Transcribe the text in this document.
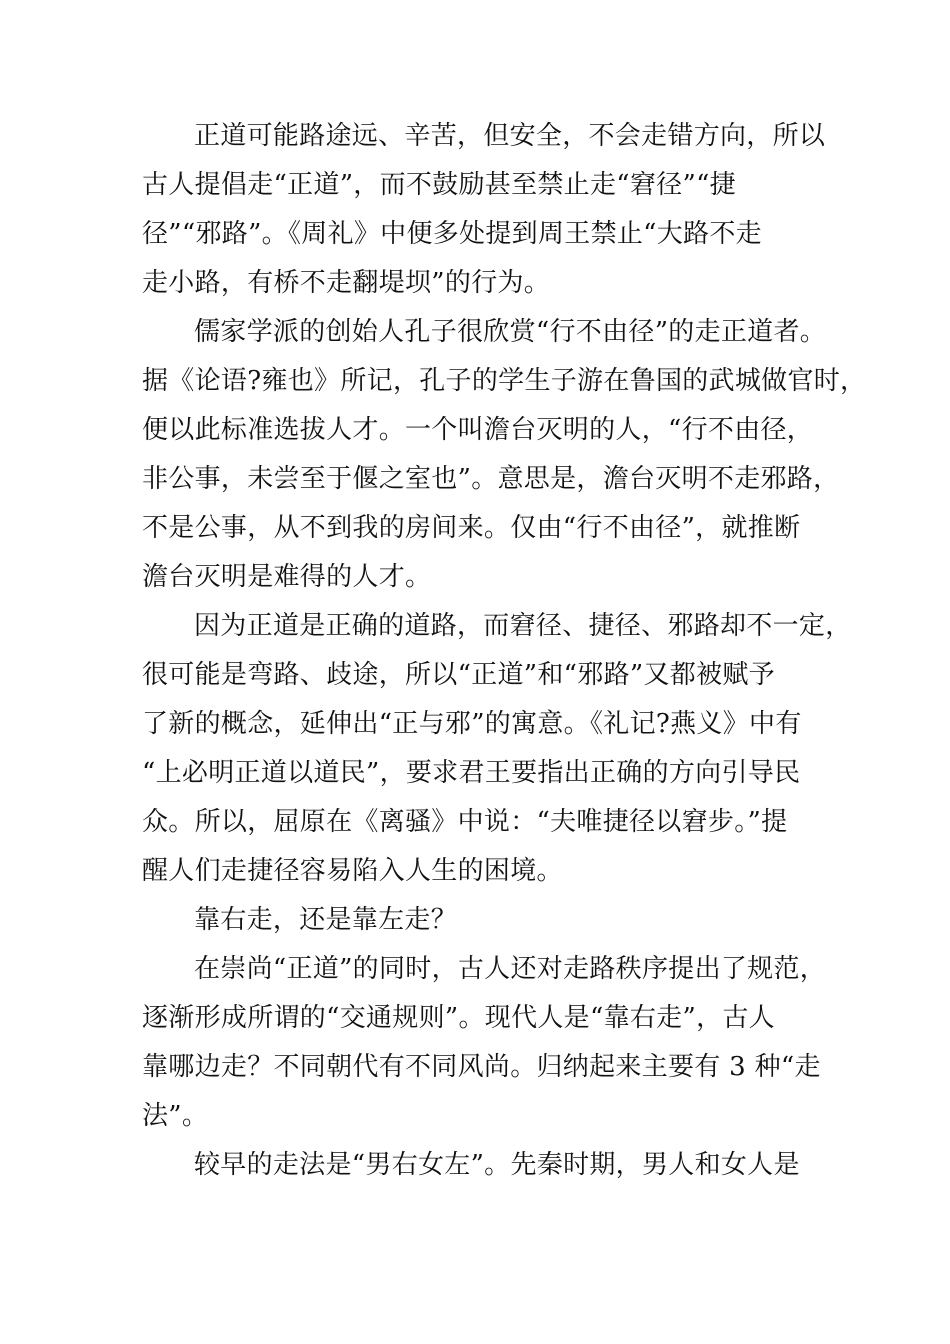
正道可能路途远、辛苦，但安全，不会走错方向，所以
古人提倡走“正道”，而不鼓励甚至禁止走“窘径”“捷
径”“邪路”。《周礼》中便多处提到周王禁止“大路不走
走小路，有桥不走翻堤坝”的行为。
儒家学派的创始人孔子很欣赏“行不由径”的走正道者。
据《论语?雍也》所记，孔子的学生子游在鲁国的武城做官时，
便以此标准选拔人才。一个叫澹台灭明的人，“行不由径，
非公事，未尝至于偃之室也”。意思是，澹台灭明不走邪路，
不是公事，从不到我的房间来。仅由“行不由径”，就推断
澹台灭明是难得的人才。
因为正道是正确的道路，而窘径、捷径、邪路却不一定，
很可能是弯路、歧途，所以“正道”和“邪路”又都被赋予
了新的概念，延伸出“正与邪”的寓意。《礼记?燕义》中有
“上必明正道以道民”，要求君王要指出正确的方向引导民
众。所以，屈原在《离骚》中说：“夫唯捷径以窘步。”提
醒人们走捷径容易陷入人生的困境。
靠右走，还是靠左走？
在崇尚“正道”的同时，古人还对走路秩序提出了规范，
逐渐形成所谓的“交通规则”。现代人是“靠右走”，古人
靠哪边走？不同朝代有不同风尚。归纳起来主要有 3 种“走
法”。
较早的走法是“男右女左”。先秦时期，男人和女人是
